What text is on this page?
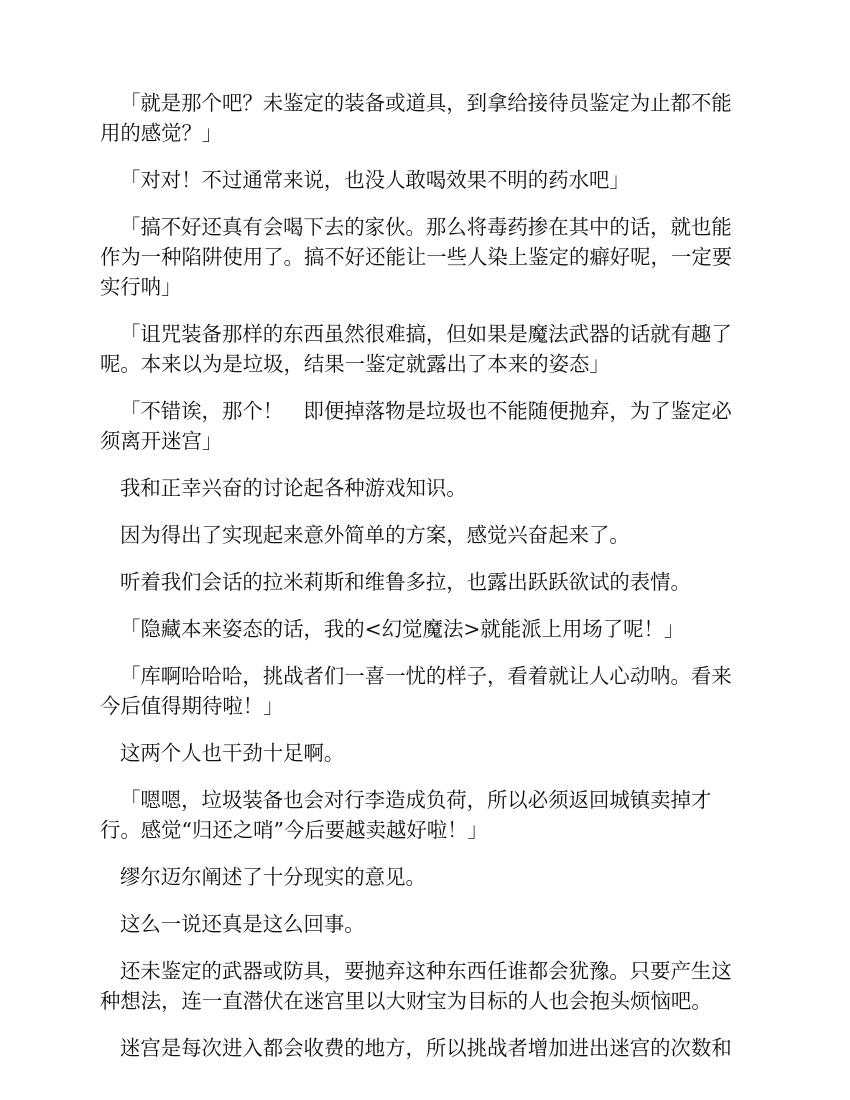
「就是那个吧？未鉴定的装备或道具，到拿给接待员鉴定为止都不能用的感觉？」

「对对！不过通常来说，也没人敢喝效果不明的药水吧」

「搞不好还真有会喝下去的家伙。那么将毒药掺在其中的话，就也能作为一种陷阱使用了。搞不好还能让一些人染上鉴定的癖好呢，一定要实行呐」

「诅咒装备那样的东西虽然很难搞，但如果是魔法武器的话就有趣了呢。本来以为是垃圾，结果一鉴定就露出了本来的姿态」

「不错诶，那个！　即便掉落物是垃圾也不能随便抛弃，为了鉴定必须离开迷宫」

我和正幸兴奋的讨论起各种游戏知识。

因为得出了实现起来意外简单的方案，感觉兴奋起来了。

听着我们会话的拉米莉斯和维鲁多拉，也露出跃跃欲试的表情。

「隐藏本来姿态的话，我的<幻觉魔法>就能派上用场了呢！」

「库啊哈哈哈，挑战者们一喜一忧的样子，看着就让人心动呐。看来今后值得期待啦！」

这两个人也干劲十足啊。

「嗯嗯，垃圾装备也会对行李造成负荷，所以必须返回城镇卖掉才行。感觉“归还之哨”今后要越卖越好啦！」

缪尔迈尔阐述了十分现实的意见。

这么一说还真是这么回事。

还未鉴定的武器或防具，要抛弃这种东西任谁都会犹豫。只要产生这种想法，连一直潜伏在迷宫里以大财宝为目标的人也会抱头烦恼吧。

迷宫是每次进入都会收费的地方，所以挑战者增加进出迷宫的次数和
